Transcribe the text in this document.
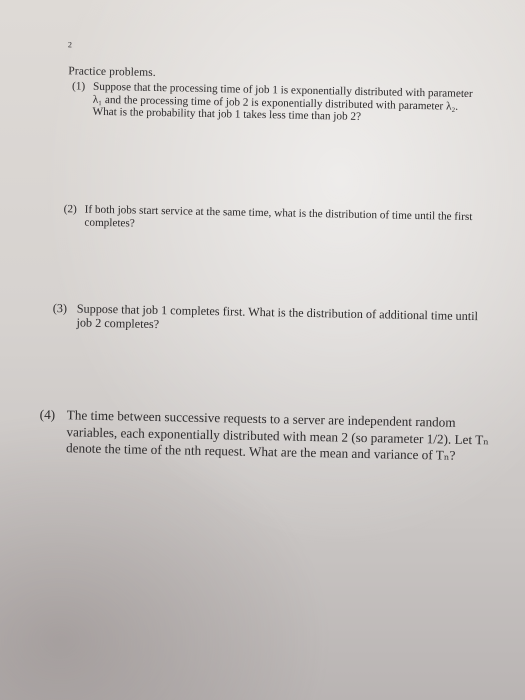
2
Practice problems.
(1) Suppose that the processing time of job 1 is exponentially distributed with parameter λ₁ and the processing time of job 2 is exponentially distributed with parameter λ₂. What is the probability that job 1 takes less time than job 2?
(2) If both jobs start service at the same time, what is the distribution of time until the first completes?
(3) Suppose that job 1 completes first. What is the distribution of additional time until job 2 completes?
(4) The time between successive requests to a server are independent random variables, each exponentially distributed with mean 2 (so parameter 1/2). Let Tₙ denote the time of the nth request. What are the mean and variance of Tₙ?
